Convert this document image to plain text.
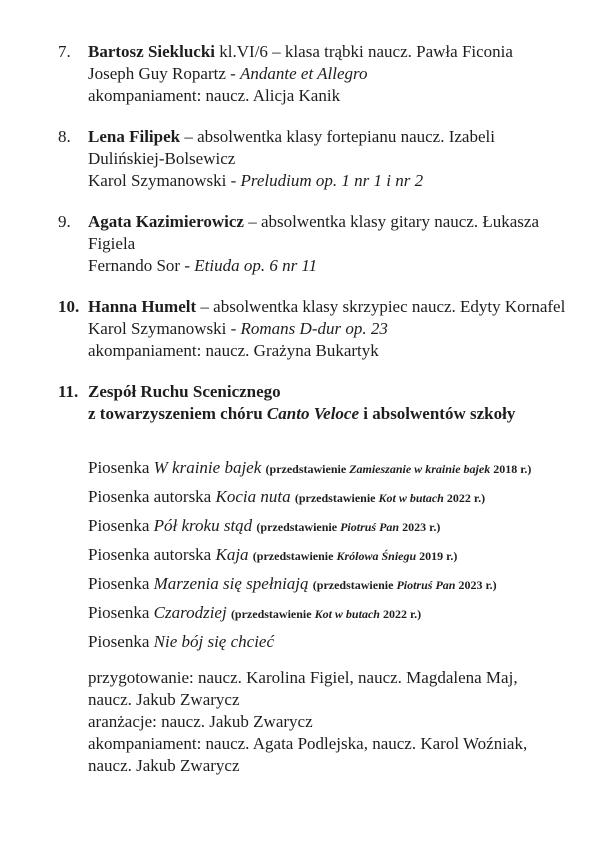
7.	Bartosz Sieklucki kl.VI/6 – klasa trąbki naucz. Pawła Ficonia
Joseph Guy Ropartz - Andante et Allegro
akompaniament: naucz. Alicja Kanik
8.	Lena Filipek – absolwentka klasy fortepianu naucz. Izabeli
Dulińskiej-Bolsewicz
Karol Szymanowski - Preludium op. 1 nr 1 i nr 2
9.	Agata Kazimierowicz – absolwentka klasy gitary naucz. Łukasza
Figiela
Fernando Sor - Etiuda op. 6 nr 11
10. Hanna Humelt – absolwentka klasy skrzypiec naucz. Edyty Kornafel
Karol Szymanowski - Romans D-dur op. 23
akompaniament: naucz. Grażyna Bukartyk
11. Zespół Ruchu Scenicznego
z towarzyszeniem chóru Canto Veloce i absolwentów szkoły
Piosenka W krainie bajek (przedstawienie Zamieszanie w krainie bajek 2018 r.)
Piosenka autorska Kocia nuta (przedstawienie Kot w butach 2022 r.)
Piosenka Pół kroku stąd (przedstawienie Piotruś Pan 2023 r.)
Piosenka autorska Kaja (przedstawienie Królowa Śniegu 2019 r.)
Piosenka Marzenia się spełniają (przedstawienie Piotruś Pan 2023 r.)
Piosenka Czarodziej (przedstawienie Kot w butach 2022 r.)
Piosenka Nie bój się chcieć
przygotowanie: naucz. Karolina Figiel, naucz. Magdalena Maj,
naucz. Jakub Zwarycz
aranżacje: naucz. Jakub Zwarycz
akompaniament: naucz. Agata Podlejska, naucz. Karol Woźniak,
naucz. Jakub Zwarycz
